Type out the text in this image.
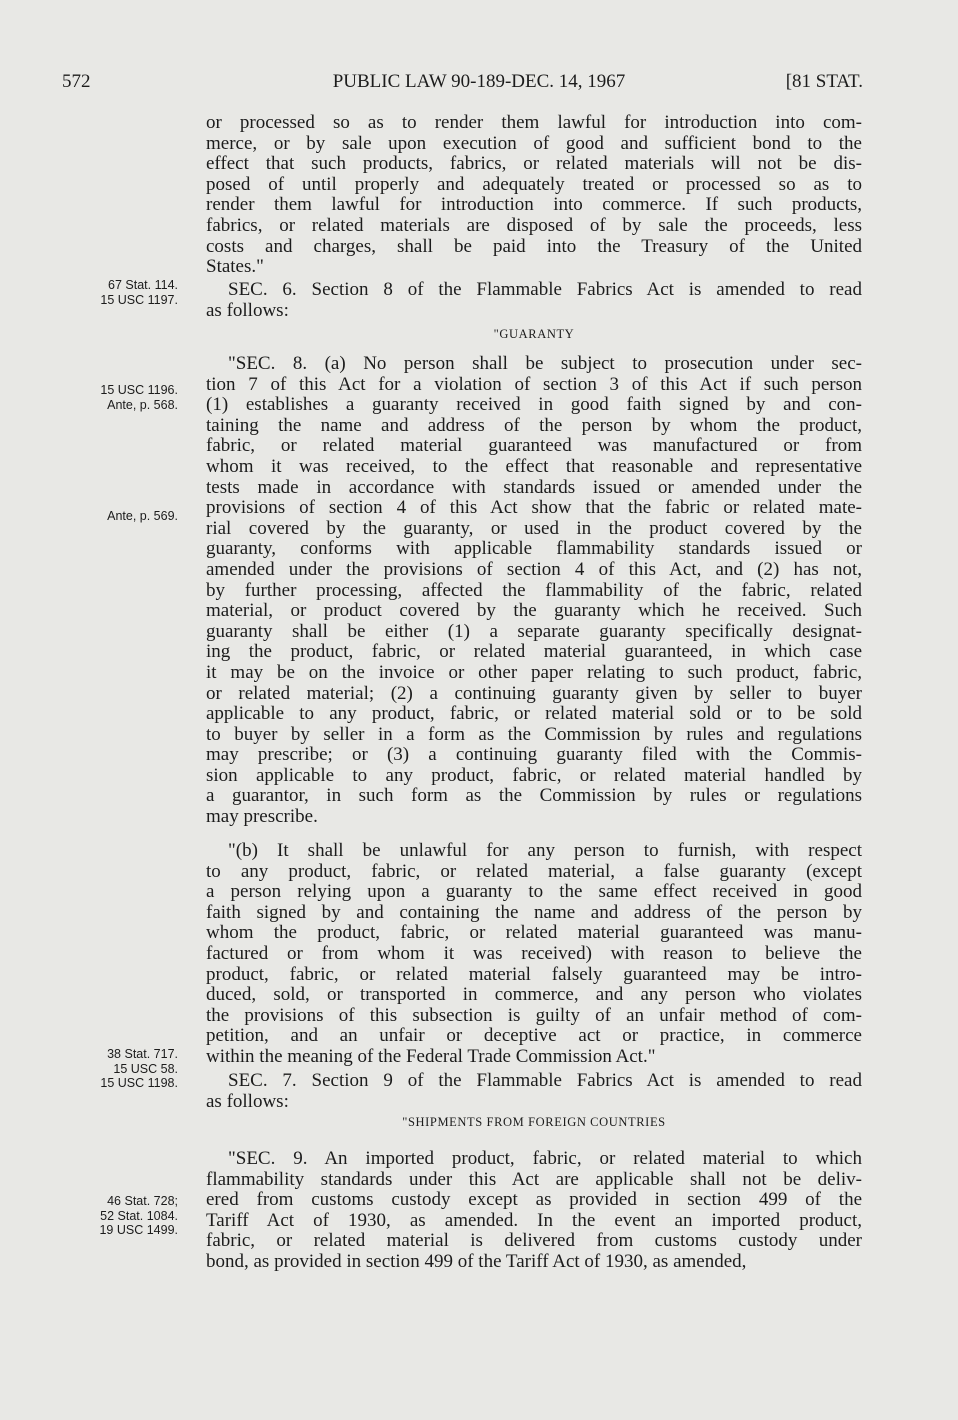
572	PUBLIC LAW 90-189-DEC. 14, 1967	[81 STAT.
67 Stat. 114.
15 USC 1197.
15 USC 1196.
Ante, p. 568.
Ante, p. 569.
38 Stat. 717.
15 USC 58.
15 USC 1198.
46 Stat. 728;
52 Stat. 1084.
19 USC 1499.
or processed so as to render them lawful for introduction into com-
merce, or by sale upon execution of good and sufficient bond to the
effect that such products, fabrics, or related materials will not be dis-
posed of until properly and adequately treated or processed so as to
render them lawful for introduction into commerce. If such products,
fabrics, or related materials are disposed of by sale the proceeds, less
costs and charges, shall be paid into the Treasury of the United
States."
SEC. 6. Section 8 of the Flammable Fabrics Act is amended to read
as follows:
"GUARANTY
"SEC. 8. (a) No person shall be subject to prosecution under sec-
tion 7 of this Act for a violation of section 3 of this Act if such person
(1) establishes a guaranty received in good faith signed by and con-
taining the name and address of the person by whom the product,
fabric, or related material guaranteed was manufactured or from
whom it was received, to the effect that reasonable and representative
tests made in accordance with standards issued or amended under the
provisions of section 4 of this Act show that the fabric or related mate-
rial covered by the guaranty, or used in the product covered by the
guaranty, conforms with applicable flammability standards issued or
amended under the provisions of section 4 of this Act, and (2) has not,
by further processing, affected the flammability of the fabric, related
material, or product covered by the guaranty which he received. Such
guaranty shall be either (1) a separate guaranty specifically designat-
ing the product, fabric, or related material guaranteed, in which case
it may be on the invoice or other paper relating to such product, fabric,
or related material; (2) a continuing guaranty given by seller to buyer
applicable to any product, fabric, or related material sold or to be sold
to buyer by seller in a form as the Commission by rules and regulations
may prescribe; or (3) a continuing guaranty filed with the Commis-
sion applicable to any product, fabric, or related material handled by
a guarantor, in such form as the Commission by rules or regulations
may prescribe.
"(b) It shall be unlawful for any person to furnish, with respect
to any product, fabric, or related material, a false guaranty (except
a person relying upon a guaranty to the same effect received in good
faith signed by and containing the name and address of the person by
whom the product, fabric, or related material guaranteed was manu-
factured or from whom it was received) with reason to believe the
product, fabric, or related material falsely guaranteed may be intro-
duced, sold, or transported in commerce, and any person who violates
the provisions of this subsection is guilty of an unfair method of com-
petition, and an unfair or deceptive act or practice, in commerce
within the meaning of the Federal Trade Commission Act."
SEC. 7. Section 9 of the Flammable Fabrics Act is amended to read
as follows:
"SHIPMENTS FROM FOREIGN COUNTRIES
"SEC. 9. An imported product, fabric, or related material to which
flammability standards under this Act are applicable shall not be deliv-
ered from customs custody except as provided in section 499 of the
Tariff Act of 1930, as amended. In the event an imported product,
fabric, or related material is delivered from customs custody under
bond, as provided in section 499 of the Tariff Act of 1930, as amended,
